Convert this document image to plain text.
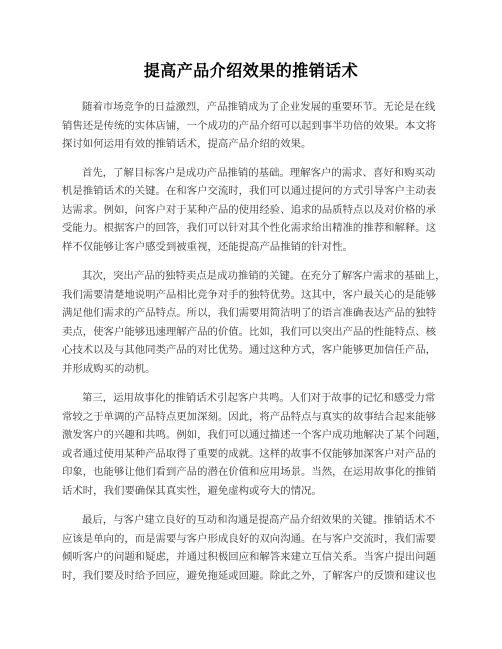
提高产品介绍效果的推销话术
随着市场竞争的日益激烈，产品推销成为了企业发展的重要环节。无论是在线
销售还是传统的实体店铺，一个成功的产品介绍可以起到事半功倍的效果。本文将
探讨如何运用有效的推销话术，提高产品介绍的效果。
首先，了解目标客户是成功产品推销的基础。理解客户的需求、喜好和购买动
机是推销话术的关键。在和客户交流时，我们可以通过提问的方式引导客户主动表
达需求。例如，问客户对于某种产品的使用经验、追求的品质特点以及对价格的承
受能力。根据客户的回答，我们可以针对其个性化需求给出精准的推荐和解释。这
样不仅能够让客户感受到被重视，还能提高产品推销的针对性。
其次，突出产品的独特卖点是成功推销的关键。在充分了解客户需求的基础上，
我们需要清楚地说明产品相比竞争对手的独特优势。这其中，客户最关心的是能够
满足他们需求的产品特点。所以，我们需要用简洁明了的语言准确表达产品的独特
卖点，使客户能够迅速理解产品的价值。比如，我们可以突出产品的性能特点、核
心技术以及与其他同类产品的对比优势。通过这种方式，客户能够更加信任产品，
并形成购买的动机。
第三，运用故事化的推销话术引起客户共鸣。人们对于故事的记忆和感受力常
常较之于单调的产品特点更加深刻。因此，将产品特点与真实的故事结合起来能够
激发客户的兴趣和共鸣。例如，我们可以通过描述一个客户成功地解决了某个问题，
或者通过使用某种产品取得了重要的成就。这样的故事不仅能够加深客户对产品的
印象，也能够让他们看到产品的潜在价值和应用场景。当然，在运用故事化的推销
话术时，我们要确保其真实性，避免虚构或夸大的情况。
最后，与客户建立良好的互动和沟通是提高产品介绍效果的关键。推销话术不
应该是单向的，而是需要与客户形成良好的双向沟通。在与客户交流时，我们需要
倾听客户的问题和疑虑，并通过积极回应和解答来建立互信关系。当客户提出问题
时，我们要及时给予回应，避免拖延或回避。除此之外，了解客户的反馈和建议也
